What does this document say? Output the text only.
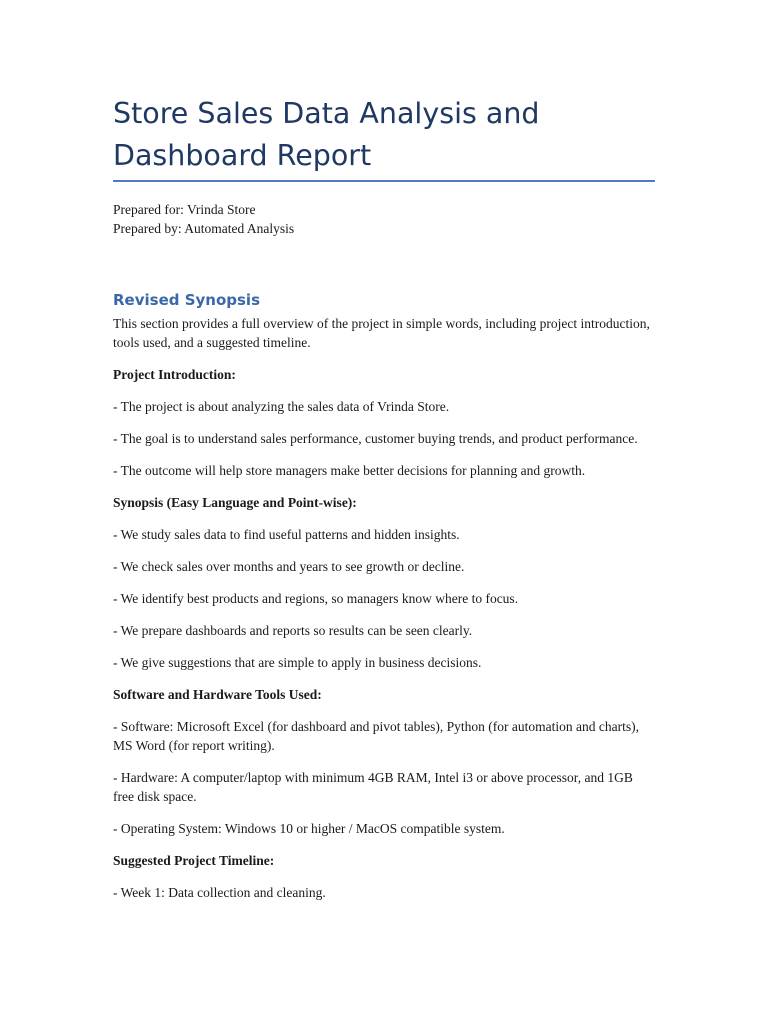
Store Sales Data Analysis and
Dashboard Report
Prepared for: Vrinda Store
Prepared by: Automated Analysis
Revised Synopsis

This section provides a full overview of the project in simple words, including project introduction, tools used, and a suggested timeline.

Project Introduction:

- The project is about analyzing the sales data of Vrinda Store.

- The goal is to understand sales performance, customer buying trends, and product performance.

- The outcome will help store managers make better decisions for planning and growth.

Synopsis (Easy Language and Point-wise):

- We study sales data to find useful patterns and hidden insights.

- We check sales over months and years to see growth or decline.

- We identify best products and regions, so managers know where to focus.

- We prepare dashboards and reports so results can be seen clearly.

- We give suggestions that are simple to apply in business decisions.

Software and Hardware Tools Used:

- Software: Microsoft Excel (for dashboard and pivot tables), Python (for automation and charts), MS Word (for report writing).

- Hardware: A computer/laptop with minimum 4GB RAM, Intel i3 or above processor, and 1GB free disk space.

- Operating System: Windows 10 or higher / MacOS compatible system.

Suggested Project Timeline:

- Week 1: Data collection and cleaning.
